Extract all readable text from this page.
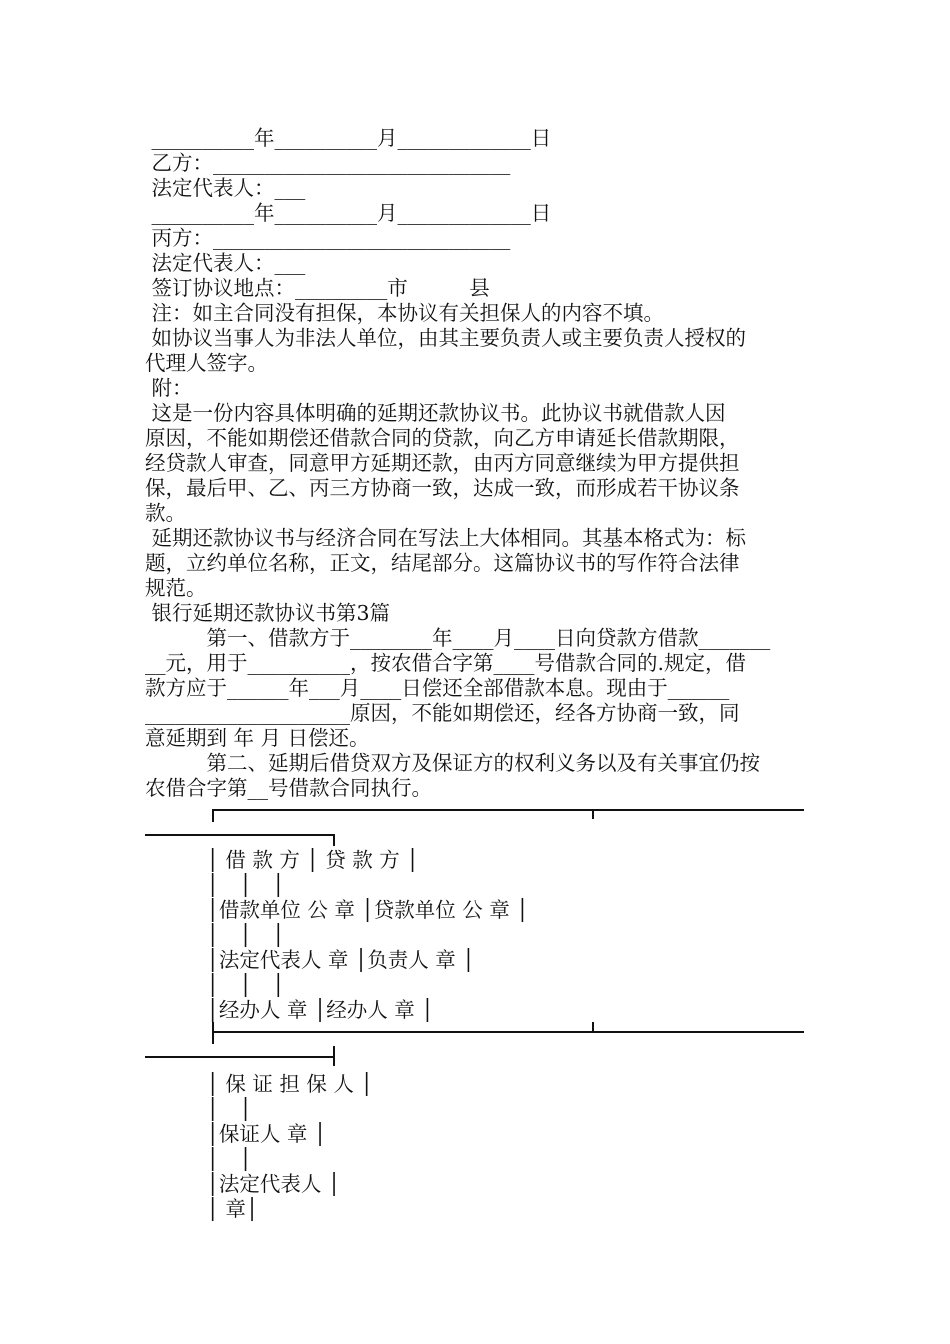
__________年__________月_____________日
乙方：_____________________________
法定代表人：___
__________年__________月_____________日
丙方：_____________________________
法定代表人：___
签订协议地点：_________市　　　县
注：如主合同没有担保，本协议有关担保人的内容不填。
如协议当事人为非法人单位，由其主要负责人或主要负责人授权的
代理人签字。
附：
这是一份内容具体明确的延期还款协议书。此协议书就借款人因
原因，不能如期偿还借款合同的贷款，向乙方申请延长借款期限，
经贷款人审查，同意甲方延期还款，由丙方同意继续为甲方提供担
保，最后甲、乙、丙三方协商一致，达成一致，而形成若干协议条
款。
延期还款协议书与经济合同在写法上大体相同。其基本格式为：标
题，立约单位名称，正文，结尾部分。这篇协议书的写作符合法律
规范。
银行延期还款协议书第3篇
　　　第一、借款方于________年____月____日向贷款方借款_______
__元，用于__________，按农借合字第____号借款合同的.规定，借
款方应于______年___月____日偿还全部借款本息。现由于______
____________________原因，不能如期偿还，经各方协商一致，同
意延期到 年 月 日偿还。
　　　第二、延期后借贷双方及保证方的权利义务以及有关事宜仍按
农借合字第__号借款合同执行。
　　　│ 借 款 方 │ 贷 款 方 │
　　　│　│　│
　　　│借款单位 公 章 │贷款单位 公 章 │
　　　│　│　│
　　　│法定代表人 章 │负责人 章 │
　　　│　│　│
　　　│经办人 章 │经办人 章 │
　　　│ 保 证 担 保 人 │
　　　│　│
　　　│保证人 章 │
　　　│　│
　　　│法定代表人 │
　　　│ 章│
